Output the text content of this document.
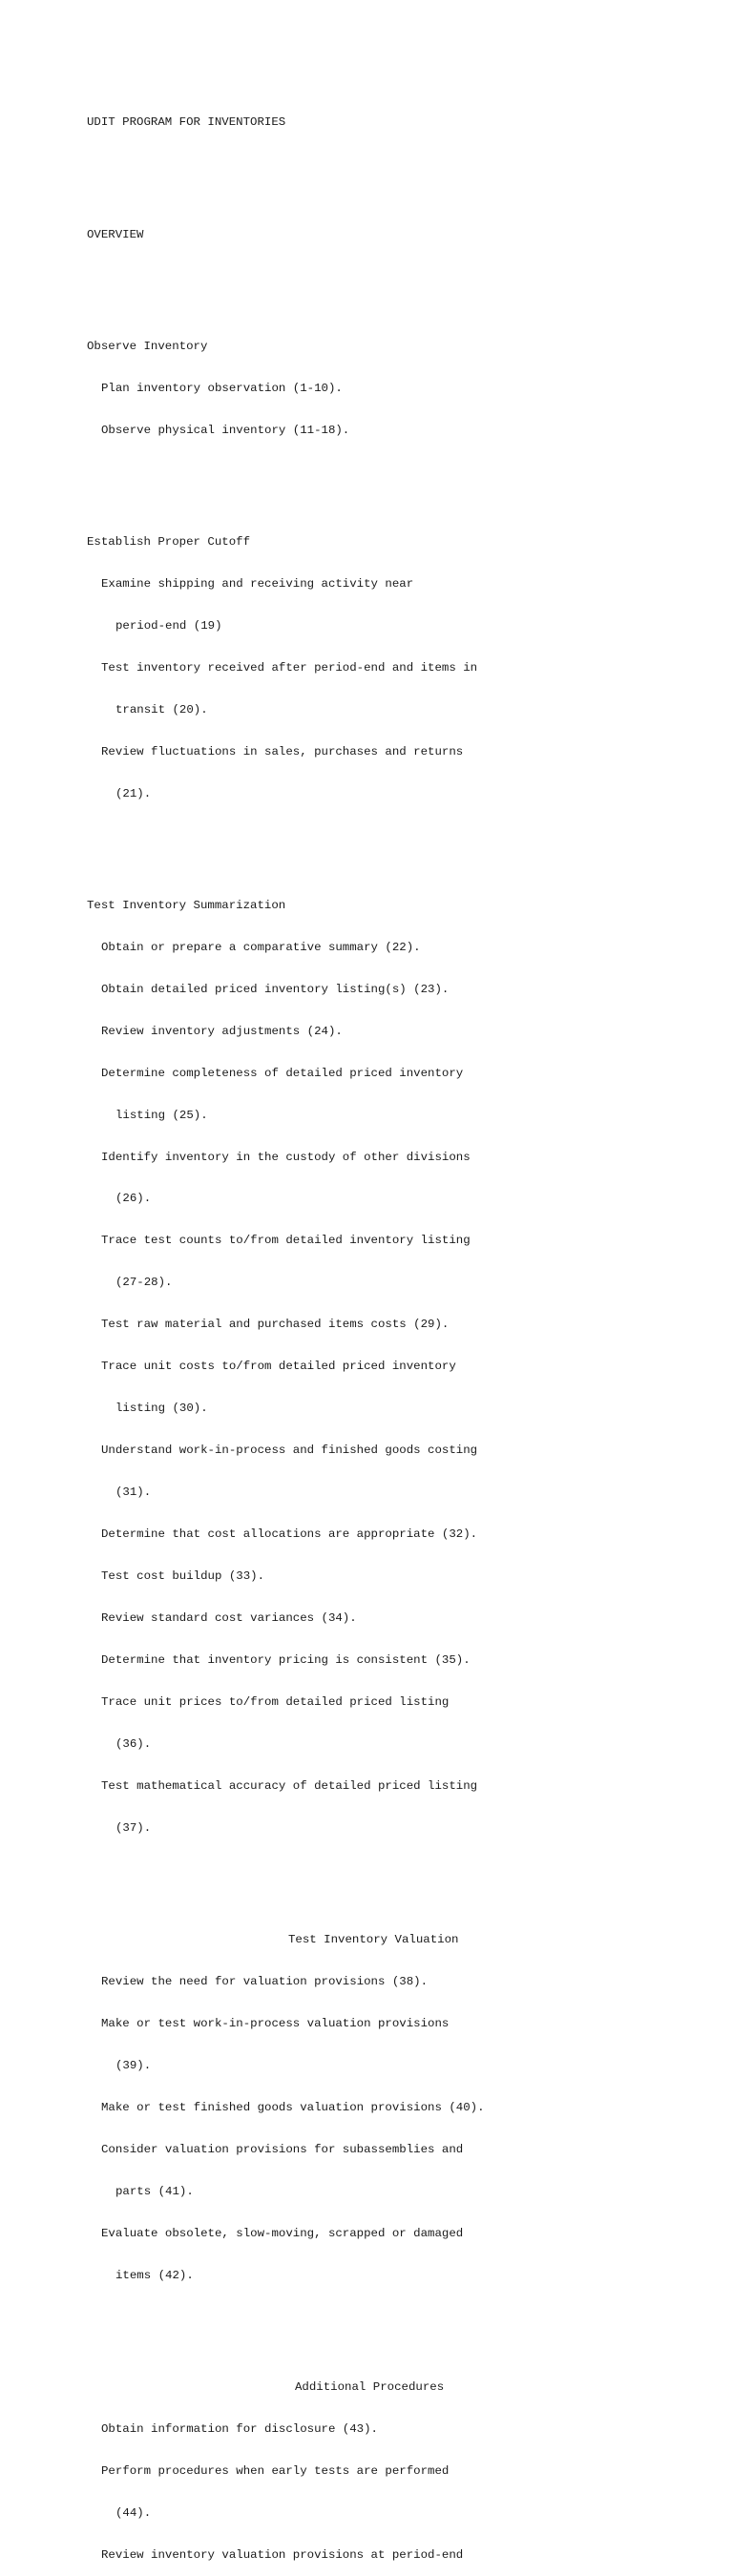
UDIT PROGRAM FOR INVENTORIES

OVERVIEW

Observe Inventory

Plan inventory observation (1-10).

Observe physical inventory (11-18).

Establish Proper Cutoff

Examine shipping and receiving activity near

period-end (19)

Test inventory received after period-end and items in

transit (20).

Review fluctuations in sales, purchases and returns

(21).

Test Inventory Summarization

Obtain or prepare a comparative summary (22).

Obtain detailed priced inventory listing(s) (23).

Review inventory adjustments (24).

Determine completeness of detailed priced inventory

listing (25).

Identify inventory in the custody of other divisions

(26).

Trace test counts to/from detailed inventory listing

(27-28).

Test raw material and purchased items costs (29).

Trace unit costs to/from detailed priced inventory

listing (30).

Understand work-in-process and finished goods costing

(31).

Determine that cost allocations are appropriate (32).

Test cost buildup (33).

Review standard cost variances (34).

Determine that inventory pricing is consistent (35).

Trace unit prices to/from detailed priced listing

(36).

Test mathematical accuracy of detailed priced listing

(37).

Test Inventory Valuation

Review the need for valuation provisions (38).

Make or test work-in-process valuation provisions

(39).

Make or test finished goods valuation provisions (40).

Consider valuation provisions for subassemblies and

parts (41).

Evaluate obsolete, slow-moving, scrapped or damaged

items (42).

Additional Procedures

Obtain information for disclosure (43).

Perform procedures when early tests are performed

(44).

Review inventory valuation provisions at period-end
